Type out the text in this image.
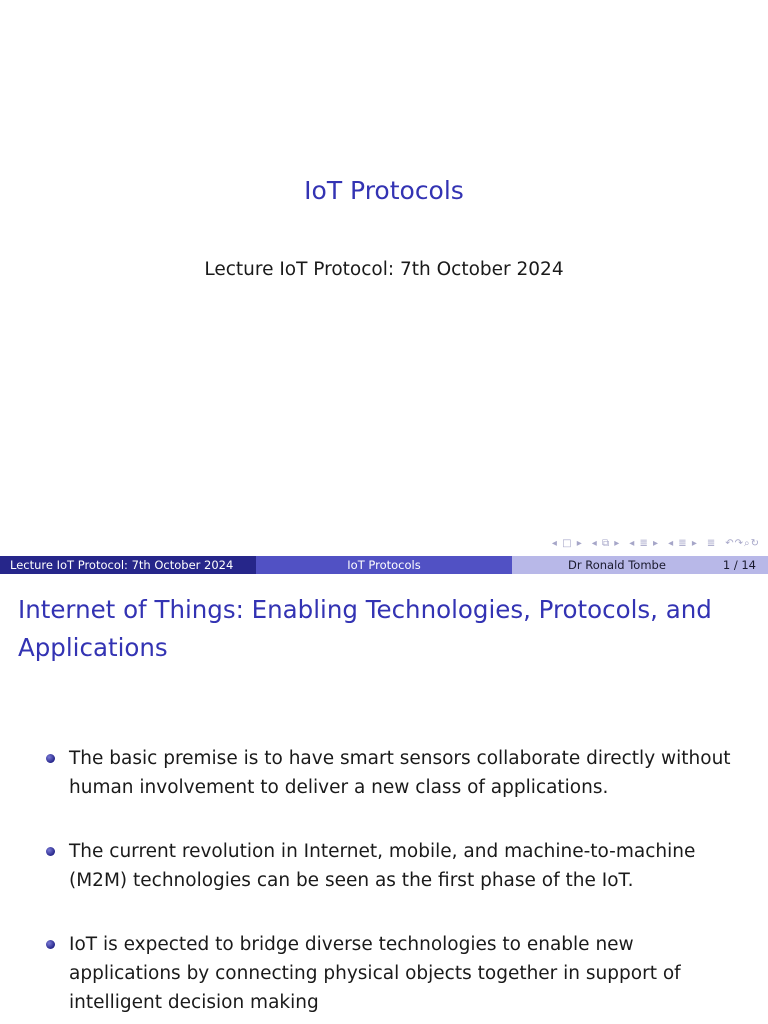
IoT Protocols
Lecture IoT Protocol: 7th October 2024
◂ □ ▸ ◂ ⧉ ▸ ◂ ≣ ▸ ◂ ≣ ▸ ≣ ↶↷⌕↻
Lecture IoT Protocol: 7th October 2024	IoT Protocols	Dr Ronald Tombe	1 / 14
Internet of Things: Enabling Technologies, Protocols, and Applications
The basic premise is to have smart sensors collaborate directly without human involvement to deliver a new class of applications.
The current revolution in Internet, mobile, and machine-to-machine (M2M) technologies can be seen as the first phase of the IoT.
IoT is expected to bridge diverse technologies to enable new applications by connecting physical objects together in support of intelligent decision making
